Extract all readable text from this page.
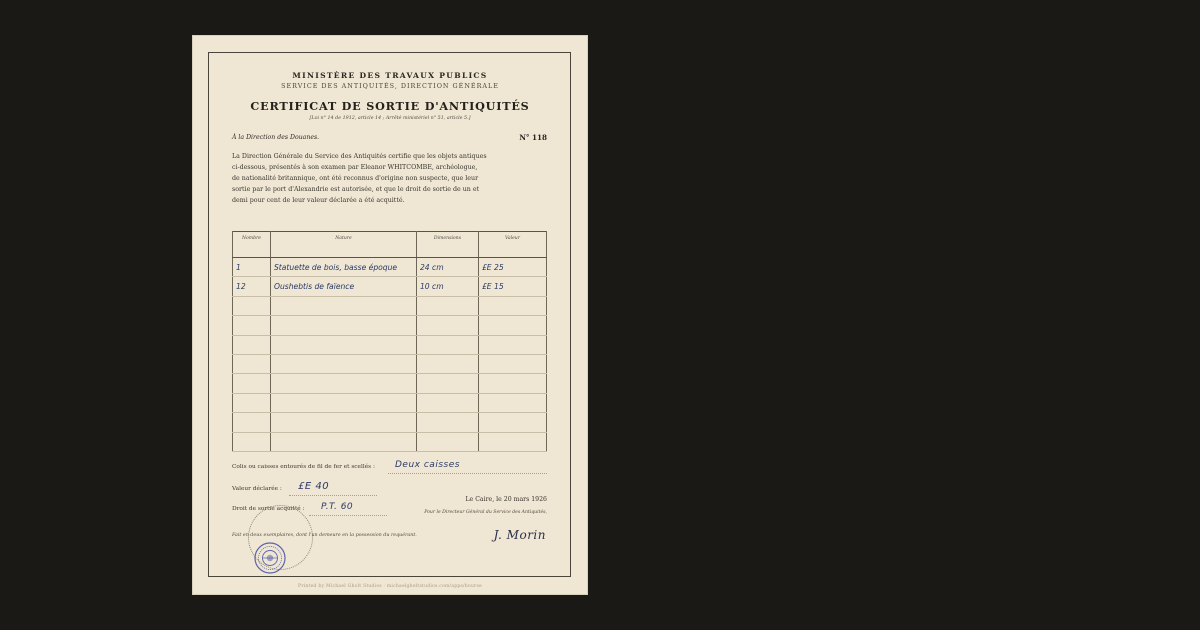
MINISTÈRE DES TRAVAUX PUBLICS
SERVICE DES ANTIQUITÉS, DIRECTION GÉNÉRALE
CERTIFICAT DE SORTIE D'ANTIQUITÉS
[Loi n° 14 de 1912, article 14 ; Arrêté ministériel n° 51, article 5.]
À la Direction des Douanes.	N° 118
La Direction Générale du Service des Antiquités certifie que les objets antiques ci-dessous, présentés à son examen par Eleanor WHITCOMBE, archéologue, de nationalité britannique, ont été reconnus d'origine non suspecte, que leur sortie par le port d'Alexandrie est autorisée, et que le droit de sortie de un et demi pour cent de leur valeur déclarée a été acquitté.
Nombre	Nature	Dimensions	Valeur
1	Statuette de bois, basse époque	24 cm	£E 25
12	Oushebtis de faïence	10 cm	£E 15

Colis ou caisses entourés de fil de fer et scellés : Deux caisses
Valeur déclarée : £E 40
Droit de sortie acquitté : P.T. 60
Le Caire, le 20 mars 1926
Pour le Directeur Général du Service des Antiquités,
Fait en deux exemplaires, dont l'un demeure en la possession du requérant.	J. Morin
Printed by Michael Gholt Studios · michaelgheltstudios.com/apps/bourse
